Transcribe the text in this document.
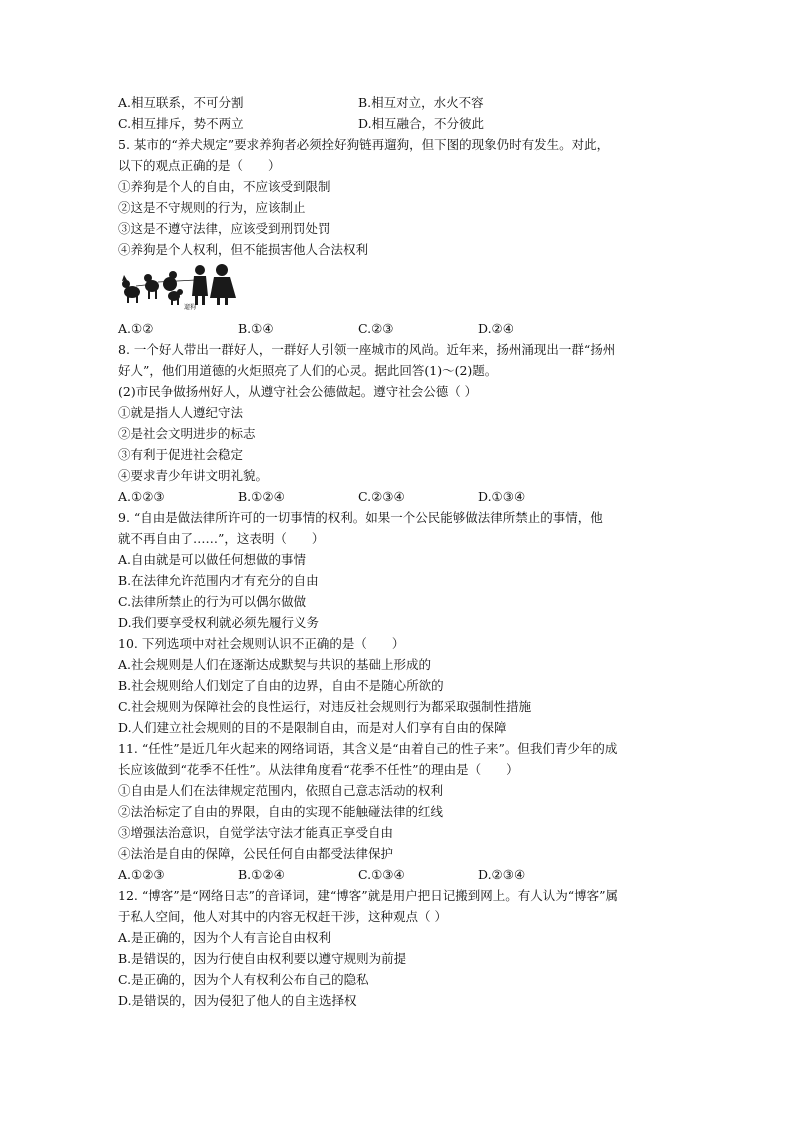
A.相互联系，不可分割	B.相互对立，水火不容
C.相互排斥，势不两立	D.相互融合，不分彼此
5. 某市的“养犬规定”要求养狗者必须拴好狗链再遛狗，但下图的现象仍时有发生。对此，
以下的观点正确的是（　　）
①养狗是个人的自由，不应该受到限制
②这是不守规则的行为，应该制止
③这是不遵守法律，应该受到刑罚处罚
④养狗是个人权利，但不能损害他人合法权利
遛狗
A.①②	B.①④	C.②③	D.②④
8. 一个好人带出一群好人，一群好人引领一座城市的风尚。近年来，扬州涌现出一群“扬州
好人”，他们用道德的火炬照亮了人们的心灵。据此回答(1)～(2)题。
(2)市民争做扬州好人，从遵守社会公德做起。遵守社会公德（ ）
①就是指人人遵纪守法
②是社会文明进步的标志
③有利于促进社会稳定
④要求青少年讲文明礼貌。
A.①②③	B.①②④	C.②③④	D.①③④
9. “自由是做法律所许可的一切事情的权利。如果一个公民能够做法律所禁止的事情，他
就不再自由了……”，这表明（　　）
A.自由就是可以做任何想做的事情
B.在法律允许范围内才有充分的自由
C.法律所禁止的行为可以偶尔做做
D.我们要享受权利就必须先履行义务
10. 下列选项中对社会规则认识不正确的是（　　）
A.社会规则是人们在逐渐达成默契与共识的基础上形成的
B.社会规则给人们划定了自由的边界，自由不是随心所欲的
C.社会规则为保障社会的良性运行，对违反社会规则行为都采取强制性措施
D.人们建立社会规则的目的不是限制自由，而是对人们享有自由的保障
11. “任性”是近几年火起来的网络词语，其含义是“由着自己的性子来”。但我们青少年的成
长应该做到“花季不任性”。从法律角度看“花季不任性”的理由是（　　）
①自由是人们在法律规定范围内，依照自己意志活动的权利
②法治标定了自由的界限，自由的实现不能触碰法律的红线
③增强法治意识，自觉学法守法才能真正享受自由
④法治是自由的保障，公民任何自由都受法律保护
A.①②③	B.①②④	C.①③④	D.②③④
12. “博客”是“网络日志”的音译词，建“博客”就是用户把日记搬到网上。有人认为“博客”属
于私人空间，他人对其中的内容无权赶干涉，这种观点（ ）
A.是正确的，因为个人有言论自由权利
B.是错误的，因为行使自由权利要以遵守规则为前提
C.是正确的，因为个人有权利公布自己的隐私
D.是错误的，因为侵犯了他人的自主选择权
